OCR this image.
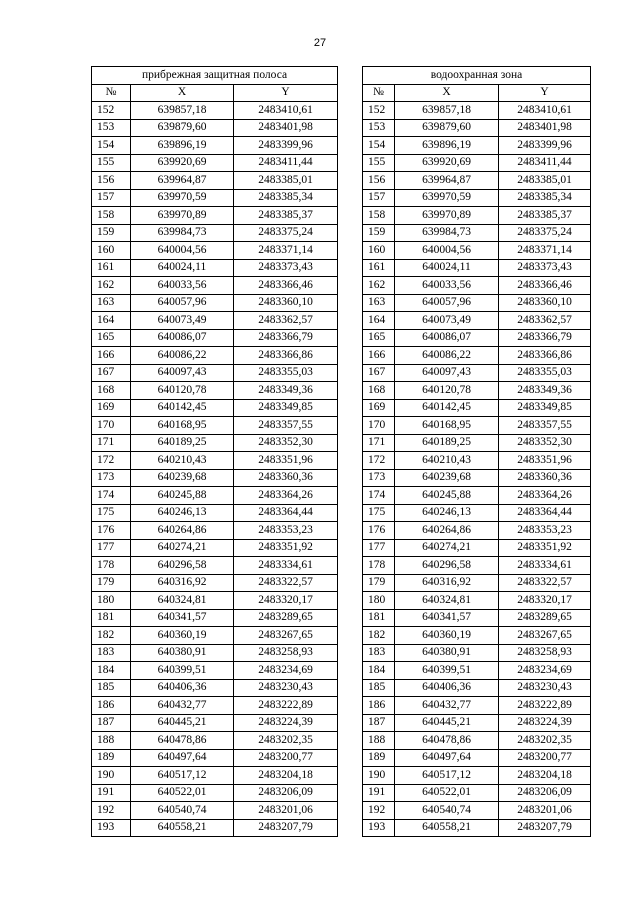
27
прибрежная защитная полоса				водоохранная зона		
№	X	Y		№	X	Y
152	639857,18	2483410,61		152	639857,18	2483410,61
153	639879,60	2483401,98		153	639879,60	2483401,98
154	639896,19	2483399,96		154	639896,19	2483399,96
155	639920,69	2483411,44		155	639920,69	2483411,44
156	639964,87	2483385,01		156	639964,87	2483385,01
157	639970,59	2483385,34		157	639970,59	2483385,34
158	639970,89	2483385,37		158	639970,89	2483385,37
159	639984,73	2483375,24		159	639984,73	2483375,24
160	640004,56	2483371,14		160	640004,56	2483371,14
161	640024,11	2483373,43		161	640024,11	2483373,43
162	640033,56	2483366,46		162	640033,56	2483366,46
163	640057,96	2483360,10		163	640057,96	2483360,10
164	640073,49	2483362,57		164	640073,49	2483362,57
165	640086,07	2483366,79		165	640086,07	2483366,79
166	640086,22	2483366,86		166	640086,22	2483366,86
167	640097,43	2483355,03		167	640097,43	2483355,03
168	640120,78	2483349,36		168	640120,78	2483349,36
169	640142,45	2483349,85		169	640142,45	2483349,85
170	640168,95	2483357,55		170	640168,95	2483357,55
171	640189,25	2483352,30		171	640189,25	2483352,30
172	640210,43	2483351,96		172	640210,43	2483351,96
173	640239,68	2483360,36		173	640239,68	2483360,36
174	640245,88	2483364,26		174	640245,88	2483364,26
175	640246,13	2483364,44		175	640246,13	2483364,44
176	640264,86	2483353,23		176	640264,86	2483353,23
177	640274,21	2483351,92		177	640274,21	2483351,92
178	640296,58	2483334,61		178	640296,58	2483334,61
179	640316,92	2483322,57		179	640316,92	2483322,57
180	640324,81	2483320,17		180	640324,81	2483320,17
181	640341,57	2483289,65		181	640341,57	2483289,65
182	640360,19	2483267,65		182	640360,19	2483267,65
183	640380,91	2483258,93		183	640380,91	2483258,93
184	640399,51	2483234,69		184	640399,51	2483234,69
185	640406,36	2483230,43		185	640406,36	2483230,43
186	640432,77	2483222,89		186	640432,77	2483222,89
187	640445,21	2483224,39		187	640445,21	2483224,39
188	640478,86	2483202,35		188	640478,86	2483202,35
189	640497,64	2483200,77		189	640497,64	2483200,77
190	640517,12	2483204,18		190	640517,12	2483204,18
191	640522,01	2483206,09		191	640522,01	2483206,09
192	640540,74	2483201,06		192	640540,74	2483201,06
193	640558,21	2483207,79		193	640558,21	2483207,79
